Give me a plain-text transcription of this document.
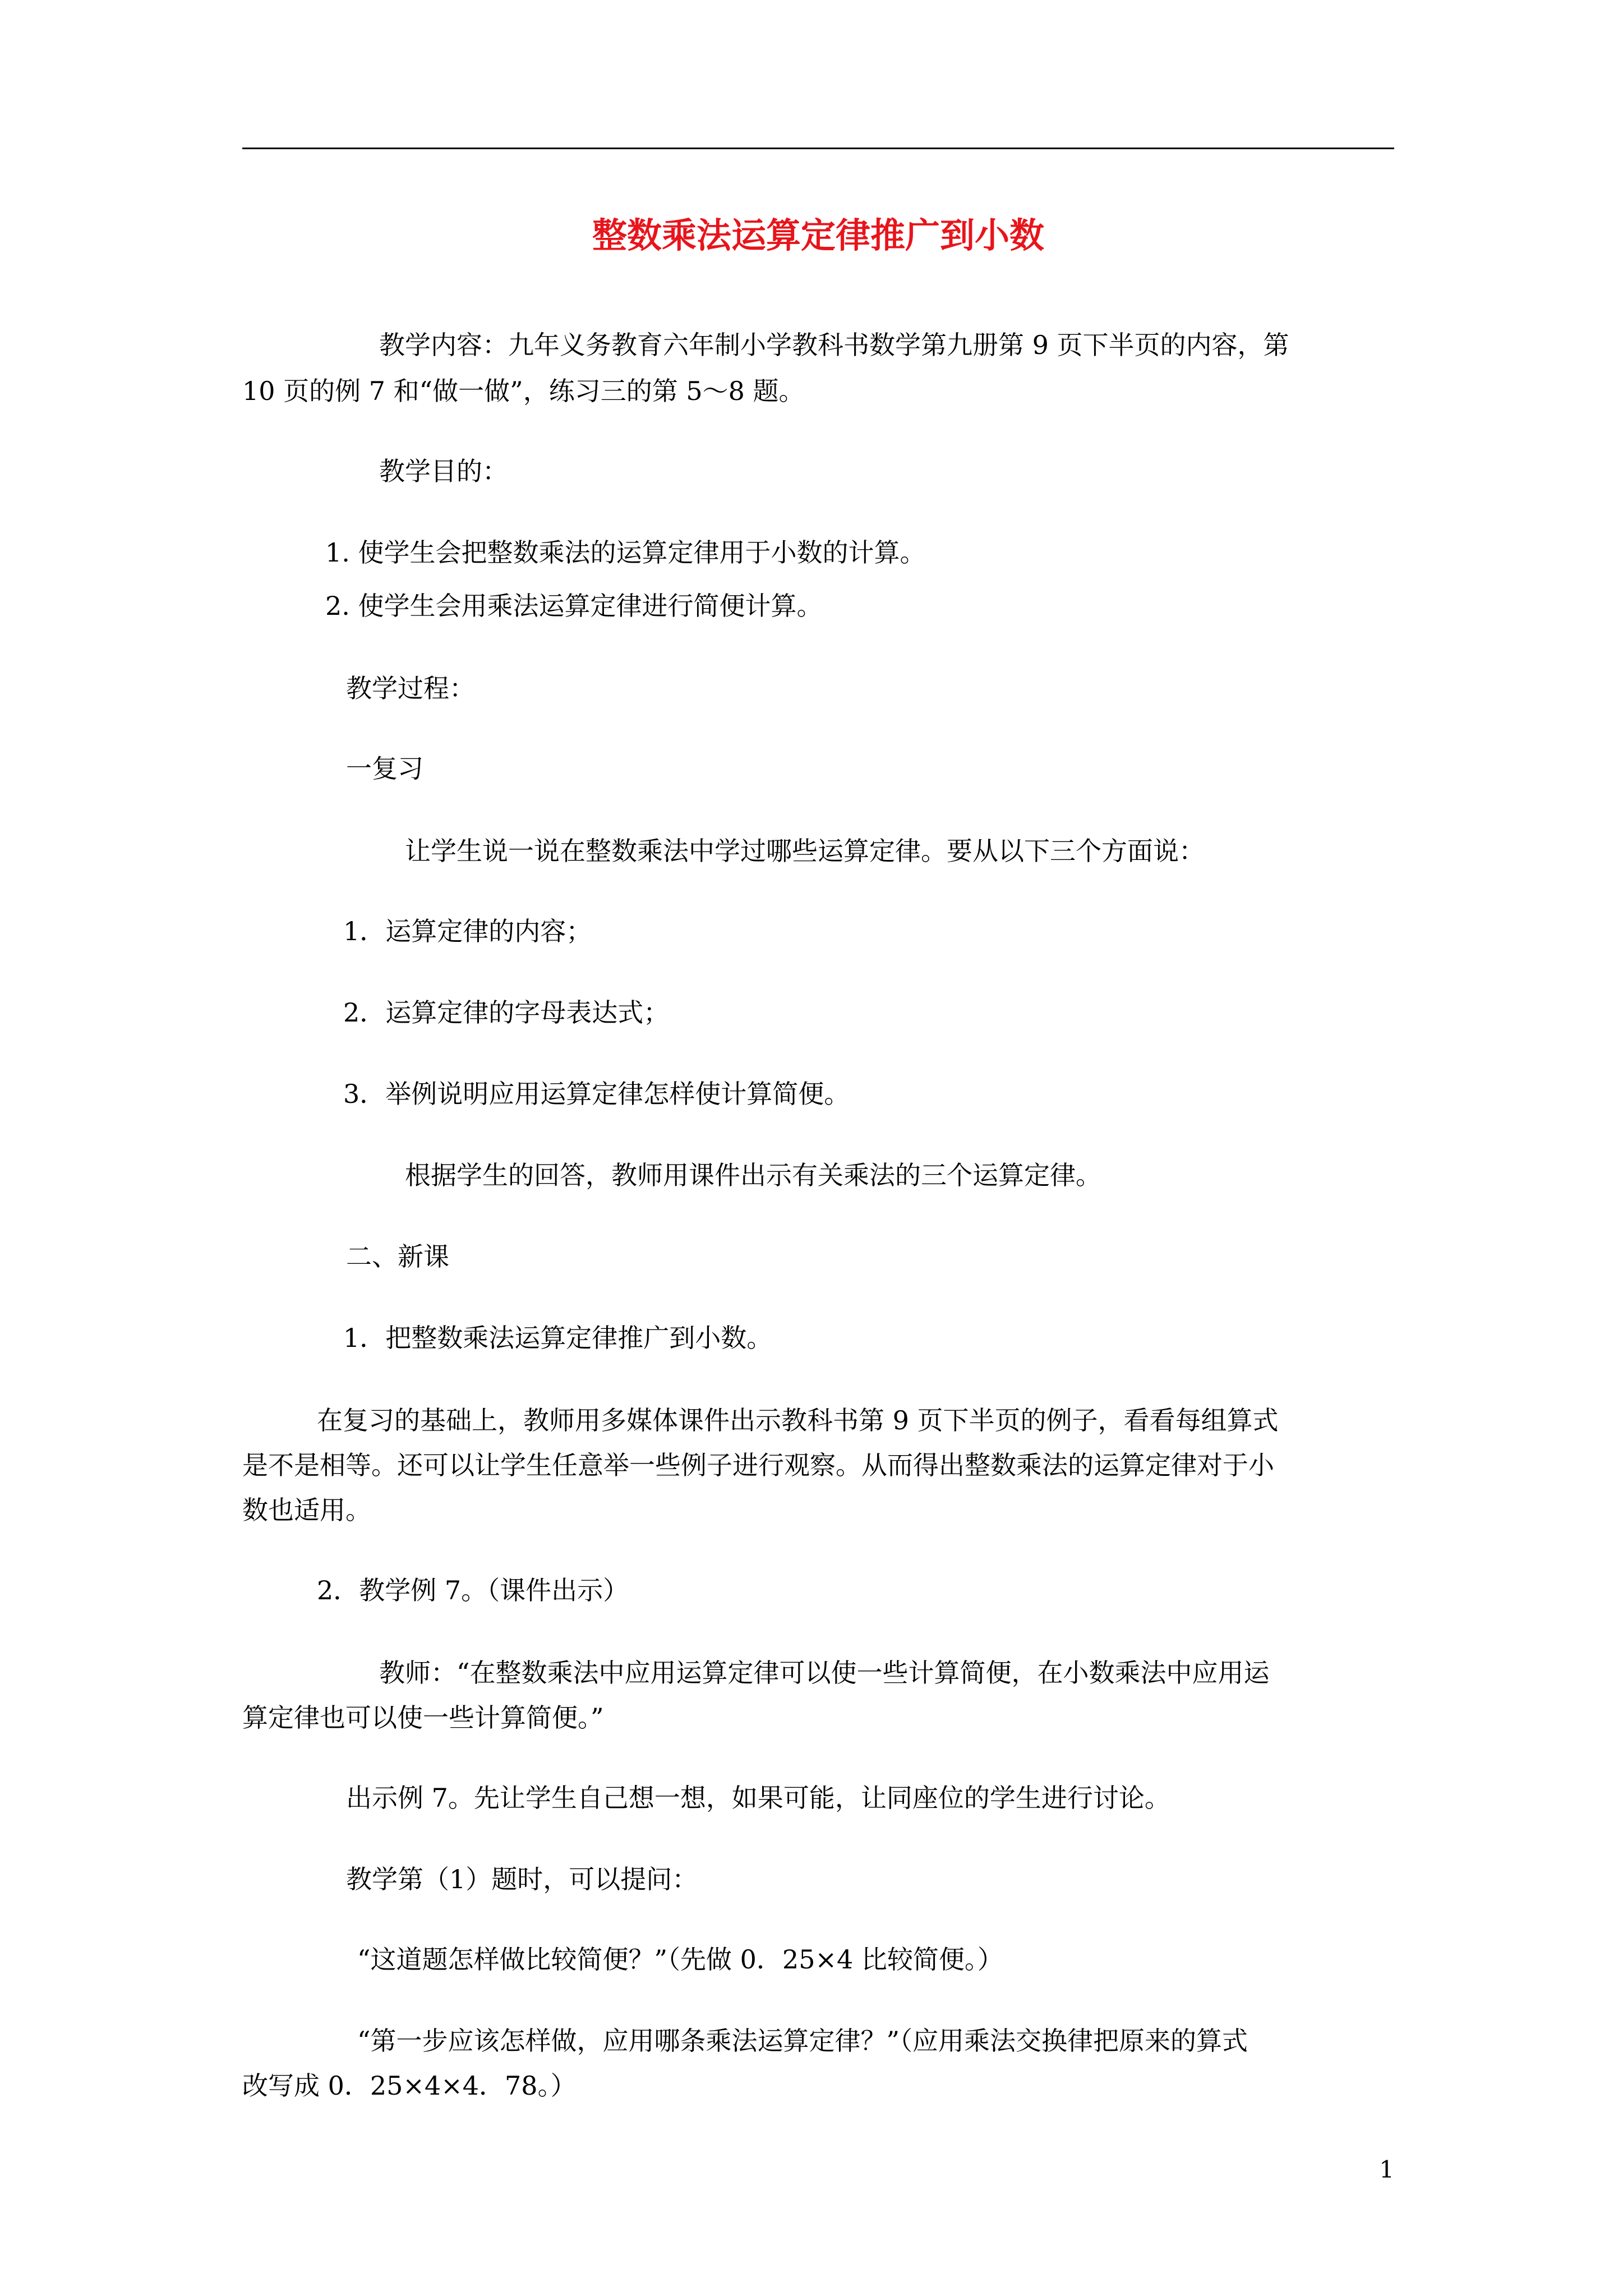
整数乘法运算定律推广到小数
教学内容：九年义务教育六年制小学教科书数学第九册第 9 页下半页的内容，第
10 页的例 7 和“做一做”，练习三的第 5～8 题。
教学目的：
1. 使学生会把整数乘法的运算定律用于小数的计算。
2. 使学生会用乘法运算定律进行简便计算。
教学过程：
一复习
让学生说一说在整数乘法中学过哪些运算定律。要从以下三个方面说：
1．运算定律的内容；
2．运算定律的字母表达式；
3．举例说明应用运算定律怎样使计算简便。
根据学生的回答，教师用课件出示有关乘法的三个运算定律。
二、新课
1．把整数乘法运算定律推广到小数。
在复习的基础上，教师用多媒体课件出示教科书第 9 页下半页的例子，看看每组算式
是不是相等。还可以让学生任意举一些例子进行观察。从而得出整数乘法的运算定律对于小
数也适用。
2．教学例 7。（课件出示）
教师：“在整数乘法中应用运算定律可以使一些计算简便，在小数乘法中应用运
算定律也可以使一些计算简便。”
出示例 7。先让学生自己想一想，如果可能，让同座位的学生进行讨论。
教学第（1）题时，可以提问：
“这道题怎样做比较简便？”（先做 0．25×4 比较简便。）
“第一步应该怎样做，应用哪条乘法运算定律？”（应用乘法交换律把原来的算式
改写成 0．25×4×4．78。）
1
